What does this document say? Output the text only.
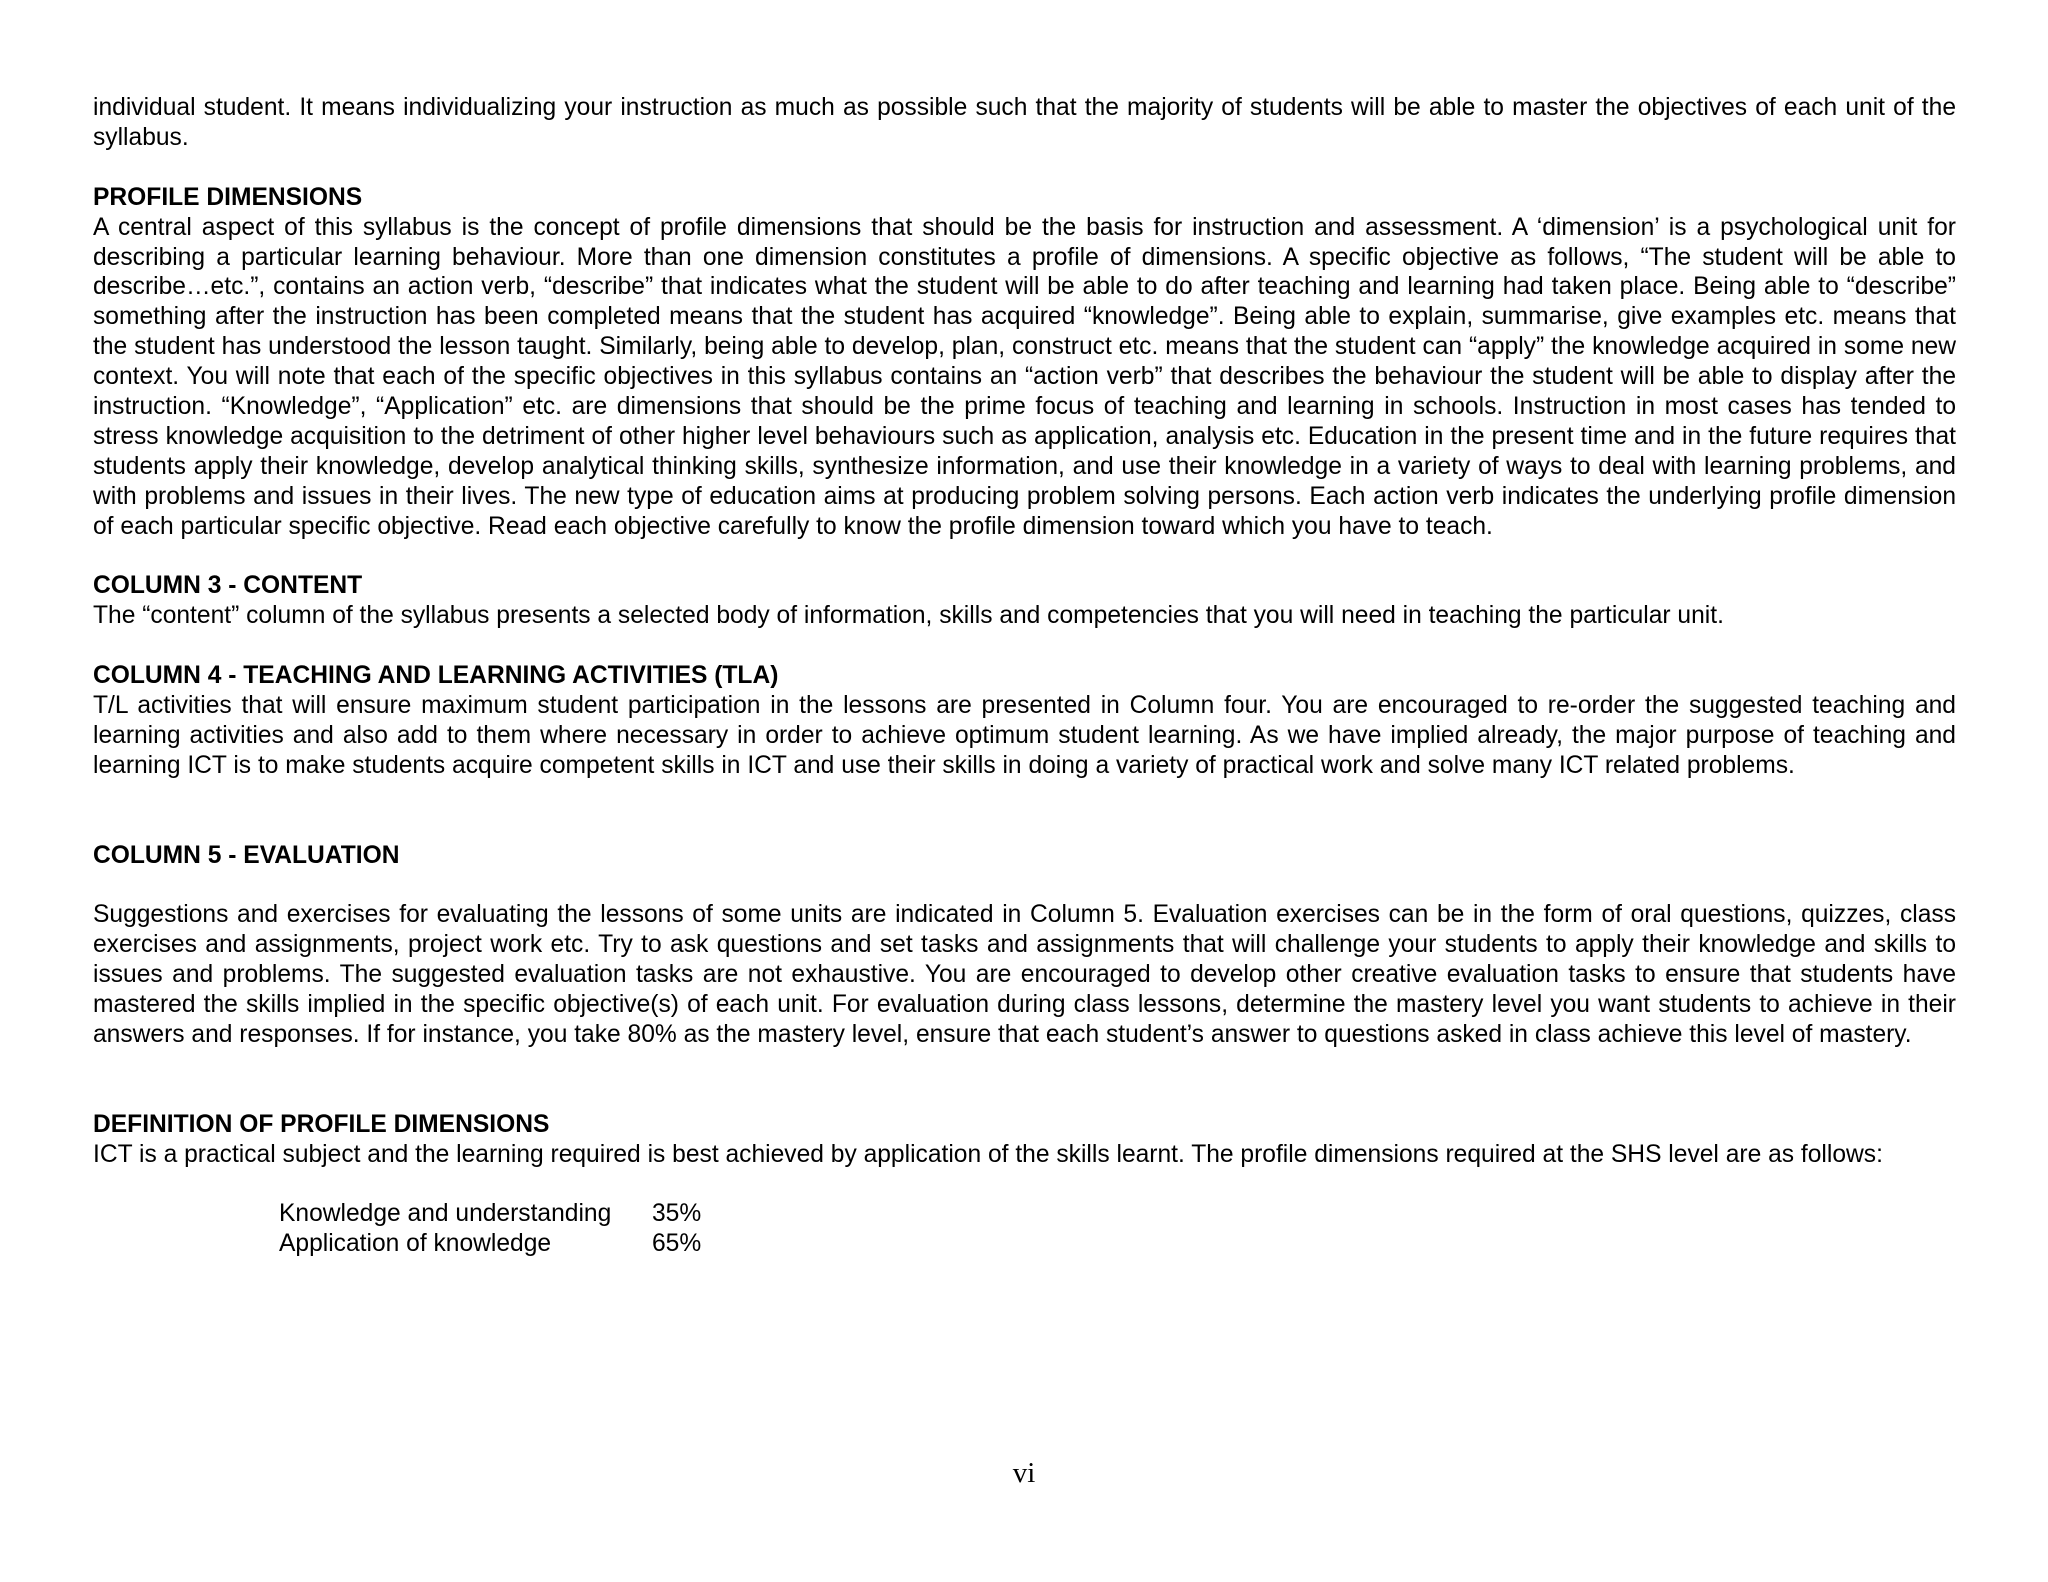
individual student. It means individualizing your instruction as much as possible such that the majority of students will be able to master the objectives of each unit of the syllabus.

PROFILE DIMENSIONS

A central aspect of this syllabus is the concept of profile dimensions that should be the basis for instruction and assessment. A ‘dimension’ is a psychological unit for describing a particular learning behaviour. More than one dimension constitutes a profile of dimensions. A specific objective as follows, “The student will be able to describe…etc.”, contains an action verb, “describe” that indicates what the student will be able to do after teaching and learning had taken place. Being able to “describe” something after the instruction has been completed means that the student has acquired “knowledge”. Being able to explain, summarise, give examples etc. means that the student has understood the lesson taught. Similarly, being able to develop, plan, construct etc. means that the student can “apply” the knowledge acquired in some new context. You will note that each of the specific objectives in this syllabus contains an “action verb” that describes the behaviour the student will be able to display after the instruction. “Knowledge”, “Application” etc. are dimensions that should be the prime focus of teaching and learning in schools. Instruction in most cases has tended to stress knowledge acquisition to the detriment of other higher level behaviours such as application, analysis etc. Education in the present time and in the future requires that students apply their knowledge, develop analytical thinking skills, synthesize information, and use their knowledge in a variety of ways to deal with learning problems, and with problems and issues in their lives. The new type of education aims at producing problem solving persons. Each action verb indicates the underlying profile dimension of each particular specific objective. Read each objective carefully to know the profile dimension toward which you have to teach.

COLUMN 3 - CONTENT

The “content” column of the syllabus presents a selected body of information, skills and competencies that you will need in teaching the particular unit.

COLUMN 4 - TEACHING AND LEARNING ACTIVITIES (TLA)

T/L activities that will ensure maximum student participation in the lessons are presented in Column four. You are encouraged to re-order the suggested teaching and learning activities and also add to them where necessary in order to achieve optimum student learning. As we have implied already, the major purpose of teaching and learning ICT is to make students acquire competent skills in ICT and use their skills in doing a variety of practical work and solve many ICT related problems.

COLUMN 5 - EVALUATION

Suggestions and exercises for evaluating the lessons of some units are indicated in Column 5. Evaluation exercises can be in the form of oral questions, quizzes, class exercises and assignments, project work etc. Try to ask questions and set tasks and assignments that will challenge your students to apply their knowledge and skills to issues and problems. The suggested evaluation tasks are not exhaustive. You are encouraged to develop other creative evaluation tasks to ensure that students have mastered the skills implied in the specific objective(s) of each unit. For evaluation during class lessons, determine the mastery level you want students to achieve in their answers and responses. If for instance, you take 80% as the mastery level, ensure that each student’s answer to questions asked in class achieve this level of mastery.

DEFINITION OF PROFILE DIMENSIONS

ICT is a practical subject and the learning required is best achieved by application of the skills learnt. The profile dimensions required at the SHS level are as follows:

Knowledge and understanding	35%
Application of knowledge	65%
vi
